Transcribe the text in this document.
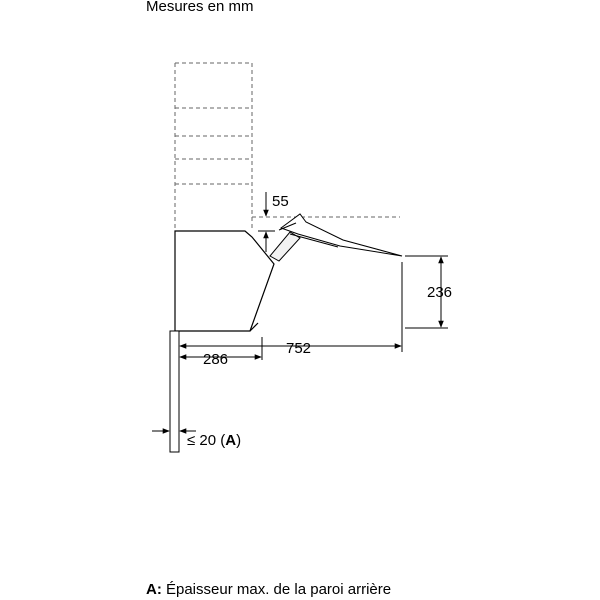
Mesures en mm
55
236
752
286
≤ 20 (A)
A: Épaisseur max. de la paroi arrière
